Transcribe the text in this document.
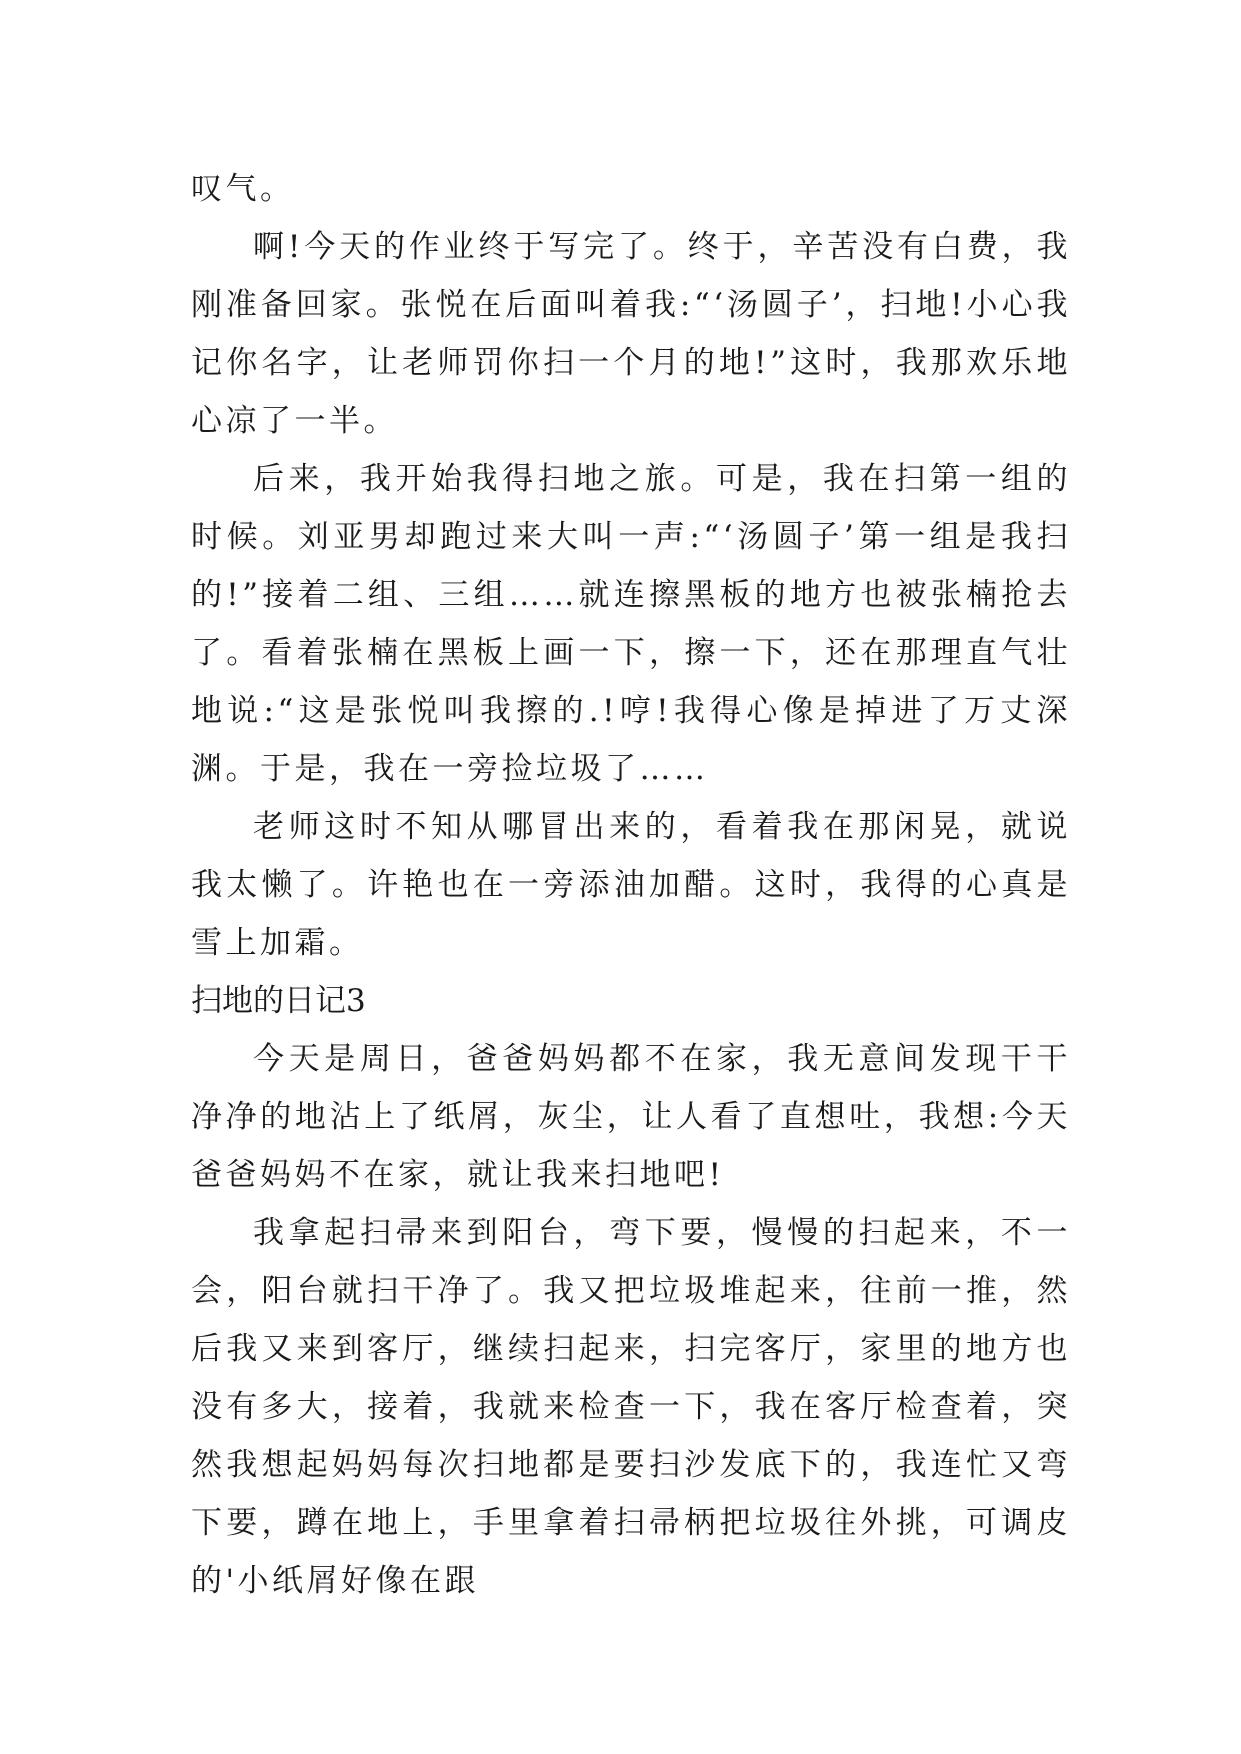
叹气。

啊!今天的作业终于写完了。终于，辛苦没有白费，我刚准备回家。张悦在后面叫着我:“‘汤圆子’，扫地!小心我记你名字，让老师罚你扫一个月的地!”这时，我那欢乐地心凉了一半。

后来，我开始我得扫地之旅。可是，我在扫第一组的时候。刘亚男却跑过来大叫一声:“‘汤圆子’第一组是我扫的!”接着二组、三组……就连擦黑板的地方也被张楠抢去了。看着张楠在黑板上画一下，擦一下，还在那理直气壮地说:“这是张悦叫我擦的.!哼!我得心像是掉进了万丈深渊。于是，我在一旁捡垃圾了……

老师这时不知从哪冒出来的，看着我在那闲晃，就说我太懒了。许艳也在一旁添油加醋。这时，我得的心真是雪上加霜。

扫地的日记3

今天是周日，爸爸妈妈都不在家，我无意间发现干干净净的地沾上了纸屑，灰尘，让人看了直想吐，我想:今天爸爸妈妈不在家，就让我来扫地吧!

我拿起扫帚来到阳台，弯下要，慢慢的扫起来，不一会，阳台就扫干净了。我又把垃圾堆起来，往前一推，然后我又来到客厅，继续扫起来，扫完客厅，家里的地方也没有多大，接着，我就来检查一下，我在客厅检查着，突然我想起妈妈每次扫地都是要扫沙发底下的，我连忙又弯下要，蹲在地上，手里拿着扫帚柄把垃圾往外挑，可调皮的'小纸屑好像在跟
